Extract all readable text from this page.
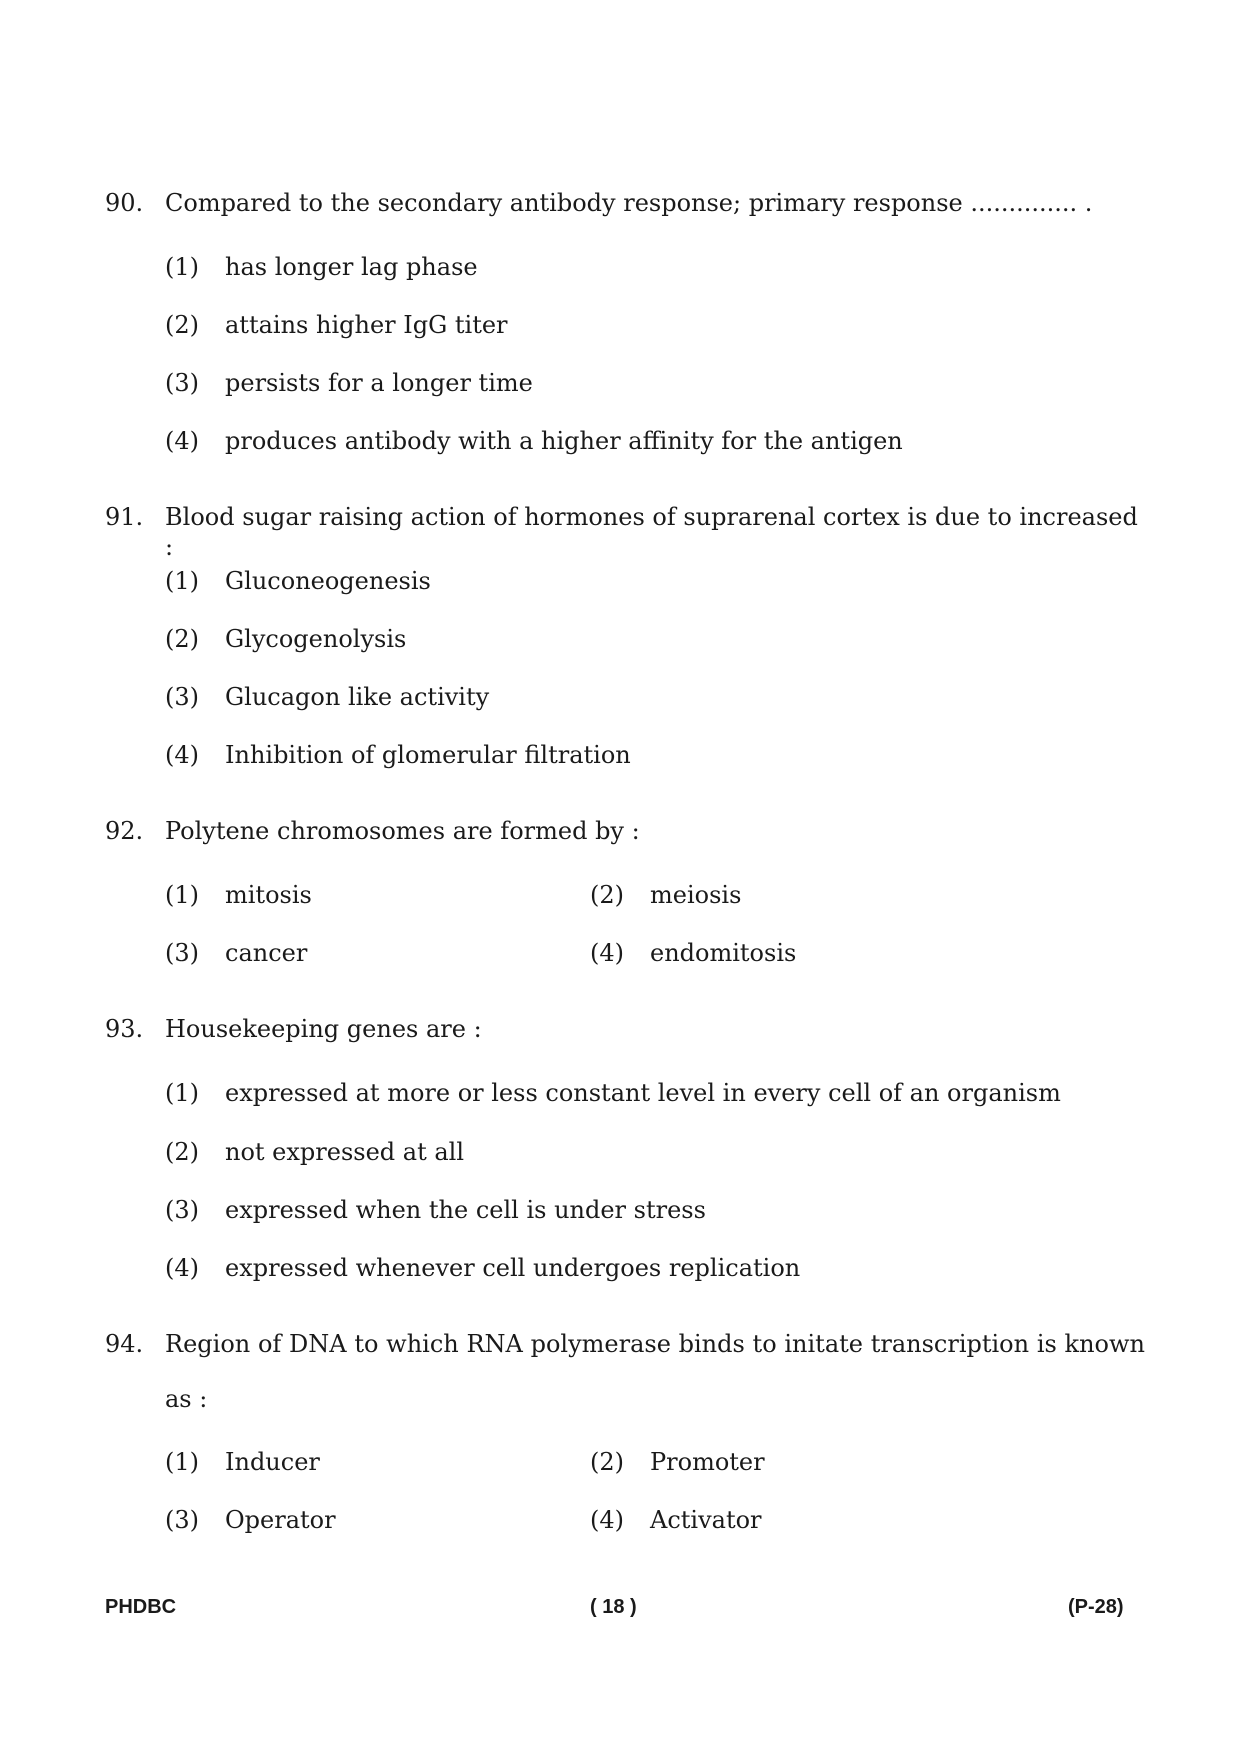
90. Compared to the secondary antibody response; primary response .............. .
(1) has longer lag phase
(2) attains higher IgG titer
(3) persists for a longer time
(4) produces antibody with a higher affinity for the antigen
91. Blood sugar raising action of hormones of suprarenal cortex is due to increased :
(1) Gluconeogenesis
(2) Glycogenolysis
(3) Glucagon like activity
(4) Inhibition of glomerular filtration
92. Polytene chromosomes are formed by :
(1) mitosis	(2) meiosis
(3) cancer	(4) endomitosis
93. Housekeeping genes are :
(1) expressed at more or less constant level in every cell of an organism
(2) not expressed at all
(3) expressed when the cell is under stress
(4) expressed whenever cell undergoes replication
94. Region of DNA to which RNA polymerase binds to initate transcription is known
as :
(1) Inducer	(2) Promoter
(3) Operator	(4) Activator
PHDBC	( 18 )	(P-28)
